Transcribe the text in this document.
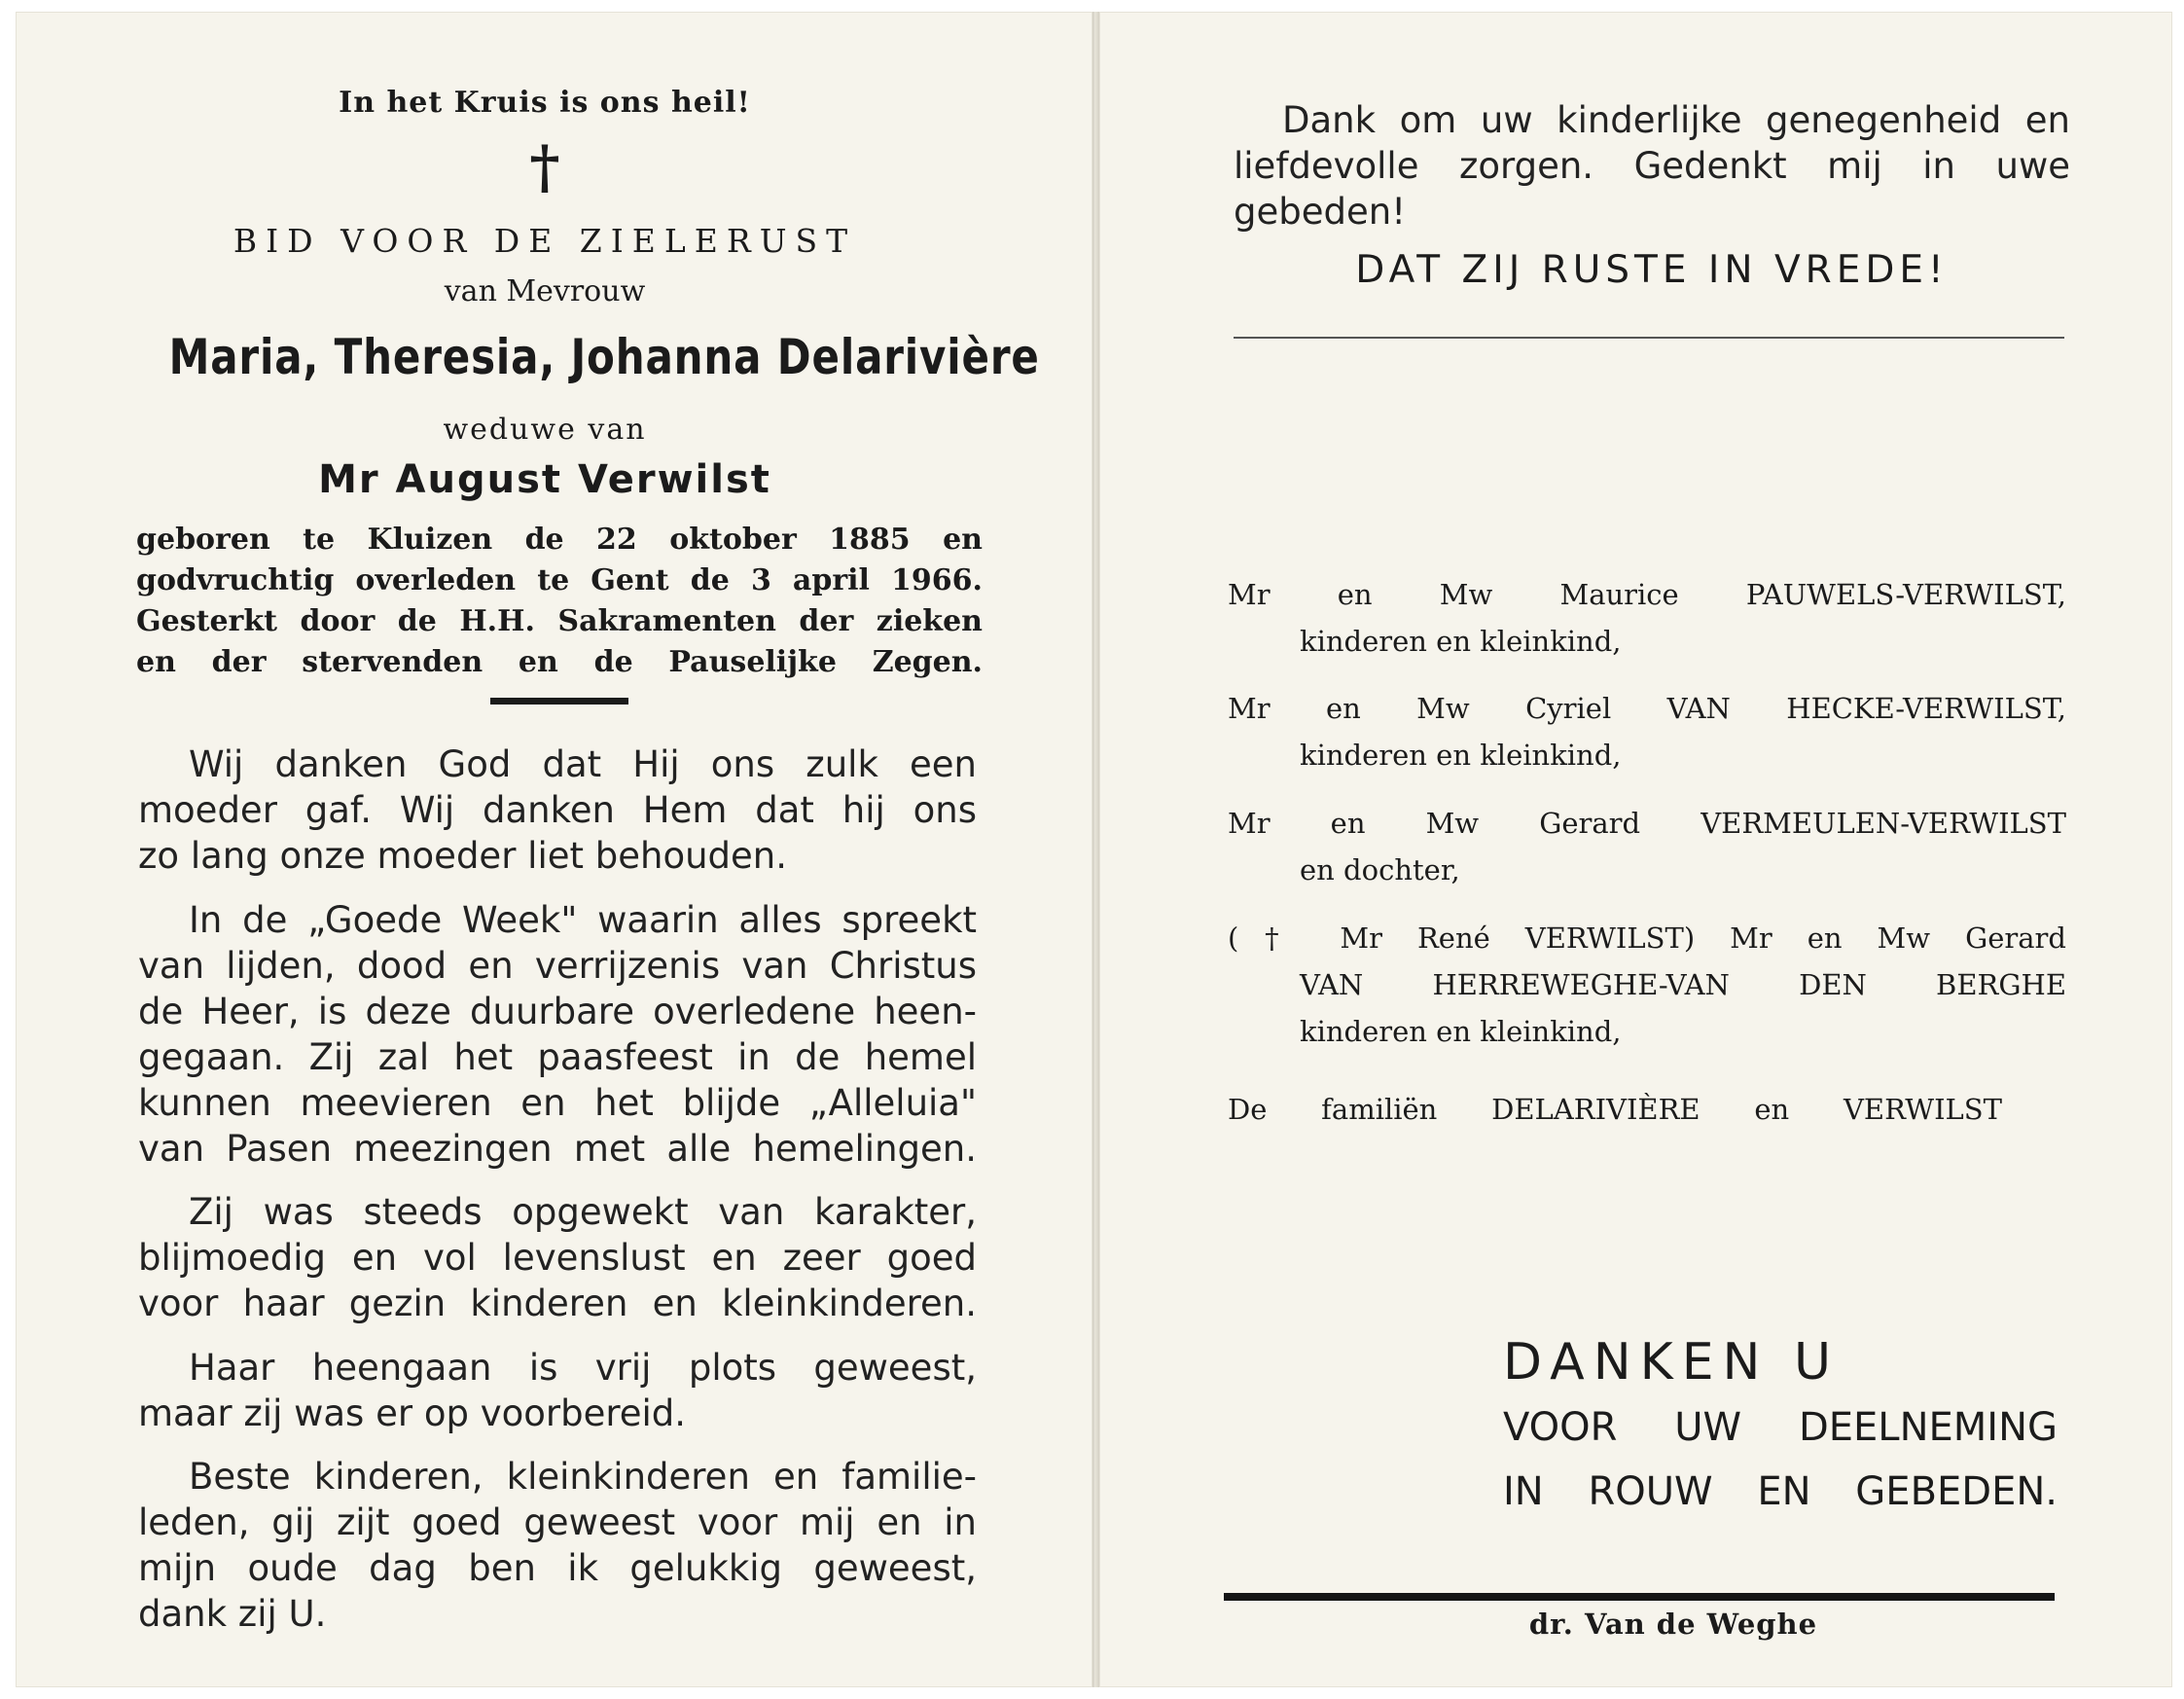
In het Kruis is ons heil!
†
BID VOOR DE ZIELERUST
van Mevrouw
Maria, Theresia, Johanna Delarivière
weduwe van
Mr August Verwilst
geboren te Kluizen de 22 oktober 1885 en
godvruchtig overleden te Gent de 3 april 1966.
Gesterkt door de H.H. Sakramenten der zieken
en der stervenden en de Pauselijke Zegen.
Wij danken God dat Hij ons zulk een
moeder gaf. Wij danken Hem dat hij ons
zo lang onze moeder liet behouden.
In de „Goede Week" waarin alles spreekt
van lijden, dood en verrijzenis van Christus
de Heer, is deze duurbare overledene heen-
gegaan. Zij zal het paasfeest in de hemel
kunnen meevieren en het blijde „Alleluia"
van Pasen meezingen met alle hemelingen.
Zij was steeds opgewekt van karakter,
blijmoedig en vol levenslust en zeer goed
voor haar gezin kinderen en kleinkinderen.
Haar heengaan is vrij plots geweest,
maar zij was er op voorbereid.
Beste kinderen, kleinkinderen en familie-
leden, gij zijt goed geweest voor mij en in
mijn oude dag ben ik gelukkig geweest,
dank zij U.
Dank om uw kinderlijke genegenheid en
liefdevolle zorgen. Gedenkt mij in uwe
gebeden!
DAT ZIJ RUSTE IN VREDE!
Mr en Mw Maurice PAUWELS-VERWILST,
kinderen en kleinkind,
Mr en Mw Cyriel VAN HECKE-VERWILST,
kinderen en kleinkind,
Mr en Mw Gerard VERMEULEN-VERWILST
en dochter,
(† Mr René VERWILST) Mr en Mw Gerard
VAN HERREWEGHE-VAN DEN BERGHE
kinderen en kleinkind,
De familiën DELARIVIÈRE en VERWILST
DANKEN U
VOOR UW DEELNEMING
IN ROUW EN GEBEDEN.
dr. Van de Weghe
